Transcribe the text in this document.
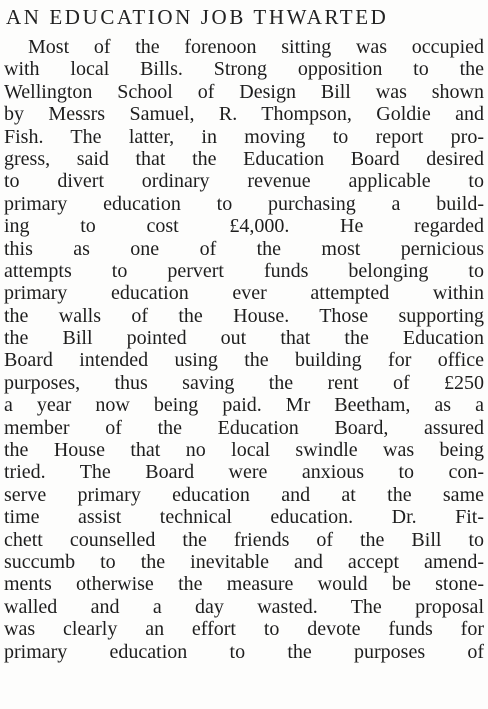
AN EDUCATION JOB THWARTED
Most of the forenoon sitting was occupied
with local Bills. Strong opposition to the
Wellington School of Design Bill was shown
by Messrs Samuel, R. Thompson, Goldie and
Fish. The latter, in moving to report pro-
gress, said that the Education Board desired
to divert ordinary revenue applicable to
primary education to purchasing a build-
ing to cost £4,000. He regarded
this as one of the most pernicious
attempts to pervert funds belonging to
primary education ever attempted within
the walls of the House. Those supporting
the Bill pointed out that the Education
Board intended using the building for office
purposes, thus saving the rent of £250
a year now being paid. Mr Beetham, as a
member of the Education Board, assured
the House that no local swindle was being
tried. The Board were anxious to con-
serve primary education and at the same
time assist technical education. Dr. Fit-
chett counselled the friends of the Bill to
succumb to the inevitable and accept amend-
ments otherwise the measure would be stone-
walled and a day wasted. The proposal
was clearly an effort to devote funds for
primary education to the purposes of
